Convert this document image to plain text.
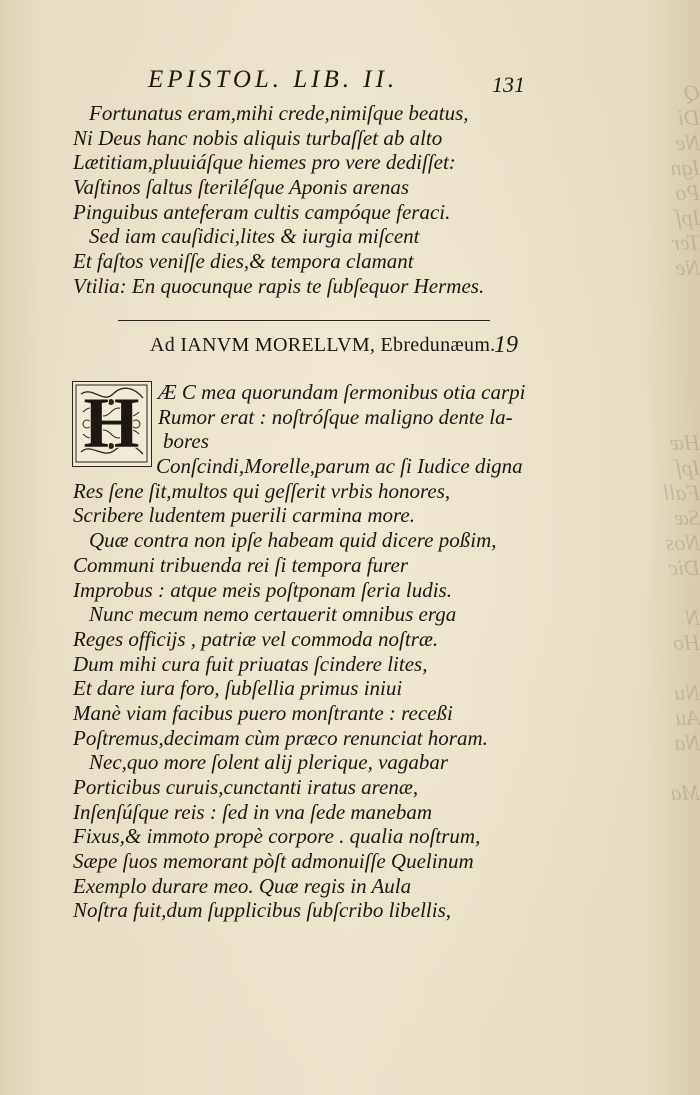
Q
Di
Ne
Ign
Po
Ipſ
Ter
Ne

Hæ
Ipſ
Fall
Sæ
Nos
Dic

N
Ho

Nu
Au
Na

Ma

EPISTOL. LIB. II.	131
Fortunatus eram,mihi crede,nimiſque beatus,
Ni Deus hanc nobis aliquis turbaſſet ab alto
Lætitiam,pluuiáſque hiemes pro vere dediſſet:
Vaſtinos ſaltus ſteriléſque Aponis arenas
Pinguibus anteferam cultis campóque feraci.
Sed iam cauſidici,lites & iurgia miſcent
Et faſtos veniſſe dies,& tempora clamant
Vtilia: En quocunque rapis te ſubſequor Hermes.
Ad IANVM MORELLVM, Ebredunæum.
19
H Æ C mea quorundam ſermonibus otia carpi
Rumor erat : noſtróſque maligno dente la-
bores
Conſcindi,Morelle,parum ac ſi Iudice digna
Res ſene ſit,multos qui geſſerit vrbis honores,
Scribere ludentem puerili carmina more.
Quæ contra non ipſe habeam quid dicere poßim,
Communi tribuenda rei ſi tempora furer
Improbus : atque meis poſtponam ſeria ludis.
Nunc mecum nemo certauerit omnibus erga
Reges officijs , patriæ vel commoda noſtræ.
Dum mihi cura fuit priuatas ſcindere lites,
Et dare iura foro, ſubſellia primus iniui
Manè viam facibus puero monſtrante : receßi
Poſtremus,decimam cùm præco renunciat horam.
Nec,quo more ſolent alij plerique, vagabar
Porticibus curuis,cunctanti iratus arenæ,
Inſenſúſque reis : ſed in vna ſede manebam
Fixus,& immoto propè corpore . qualia noſtrum,
Sæpe ſuos memorant pòſt admonuiſſe Quelinum
Exemplo durare meo. Quæ regis in Aula
Noſtra fuit,dum ſupplicibus ſubſcribo libellis,
